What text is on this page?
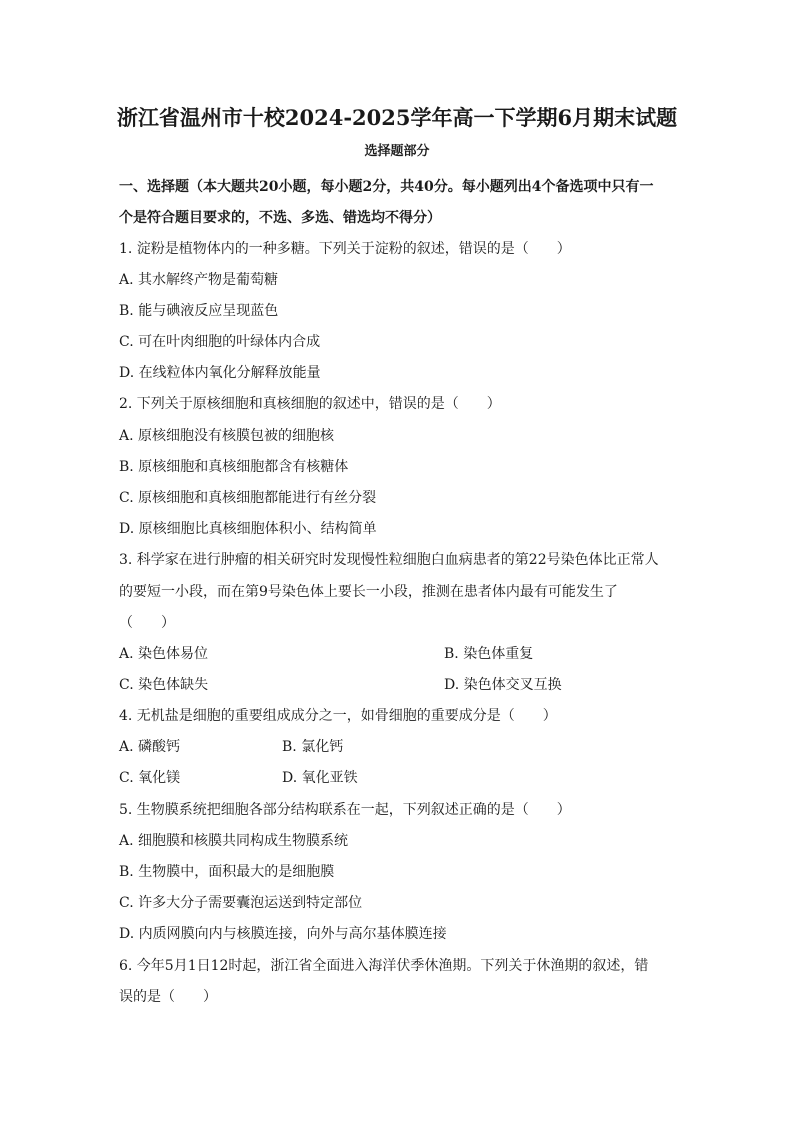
浙江省温州市十校2024-2025学年高一下学期6月期末试题
选择题部分
一、选择题（本大题共20小题，每小题2分，共40分。每小题列出4个备选项中只有一
个是符合题目要求的，不选、多选、错选均不得分）
1. 淀粉是植物体内的一种多糖。下列关于淀粉的叙述，错误的是（　　）
A. 其水解终产物是葡萄糖
B. 能与碘液反应呈现蓝色
C. 可在叶肉细胞的叶绿体内合成
D. 在线粒体内氧化分解释放能量
2. 下列关于原核细胞和真核细胞的叙述中，错误的是（　　）
A. 原核细胞没有核膜包被的细胞核
B. 原核细胞和真核细胞都含有核糖体
C. 原核细胞和真核细胞都能进行有丝分裂
D. 原核细胞比真核细胞体积小、结构简单
3. 科学家在进行肿瘤的相关研究时发现慢性粒细胞白血病患者的第22号染色体比正常人
的要短一小段，而在第9号染色体上要长一小段，推测在患者体内最有可能发生了
（　　）
A. 染色体易位	B. 染色体重复
C. 染色体缺失	D. 染色体交叉互换
4. 无机盐是细胞的重要组成成分之一，如骨细胞的重要成分是（　　）
A. 磷酸钙	B. 氯化钙
C. 氧化镁	D. 氧化亚铁
5. 生物膜系统把细胞各部分结构联系在一起，下列叙述正确的是（　　）
A. 细胞膜和核膜共同构成生物膜系统
B. 生物膜中，面积最大的是细胞膜
C. 许多大分子需要囊泡运送到特定部位
D. 内质网膜向内与核膜连接，向外与高尔基体膜连接
6. 今年5月1日12时起，浙江省全面进入海洋伏季休渔期。下列关于休渔期的叙述，错
误的是（　　）
